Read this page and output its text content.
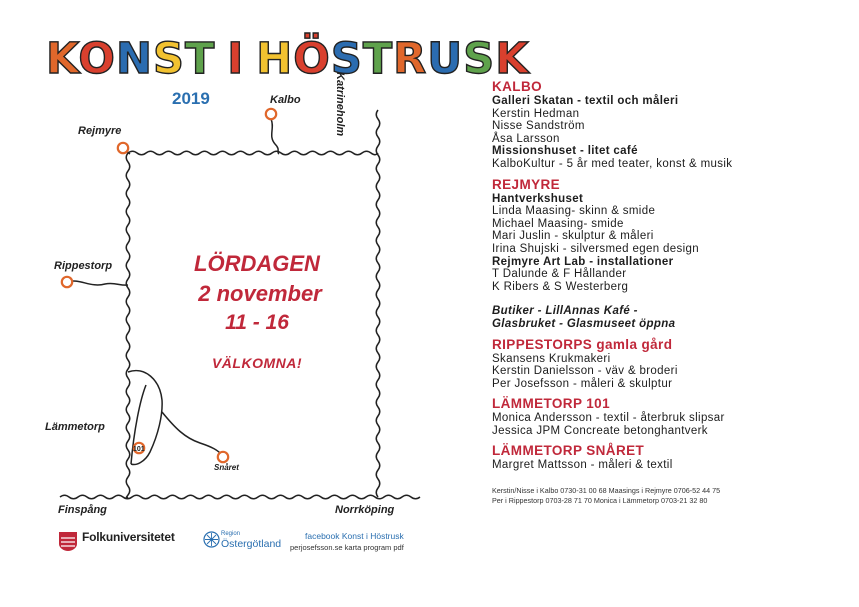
KONST I HÖSTRUSK
2019
101
Kalbo
Rejmyre
Rippestorp
Lämmetorp
Snåret
Finspång	Norrköping
Katrineholm
LÖRDAGEN
2 november
11 - 16
VÄLKOMNA!
KALBO
Galleri Skatan - textil och måleri
Kerstin Hedman
Nisse Sandström
Åsa Larsson
Missionshuset - litet café
KalboKultur - 5 år med teater, konst & musik
REJMYRE
Hantverkshuset
Linda Maasing- skinn & smide
Michael Maasing- smide
Mari Juslin - skulptur & måleri
Irina Shujski - silversmed egen design
Rejmyre Art Lab - installationer
T Dalunde & F Hållander
K Ribers & S Westerberg
Butiker - LillAnnas Kafé -
Glasbruket - Glasmuseet öppna
RIPPESTORPS gamla gård
Skansens Krukmakeri
Kerstin Danielsson - väv & broderi
Per Josefsson - måleri & skulptur
LÄMMETORP 101
Monica Andersson - textil - återbruk slipsar
Jessica JPM Concreate betonghantverk
LÄMMETORP SNÅRET
Margret Mattsson - måleri & textil
Kerstin/Nisse i Kalbo 0730-31 00 68 Maasings i Rejmyre 0706-52 44 75
Per i Rippestorp 0703-28 71 70 Monica i Lämmetorp 0703-21 32 80
Folkuniversitetet	Region
Östergötland
facebook Konst i Höstrusk
perjosefsson.se karta program pdf
